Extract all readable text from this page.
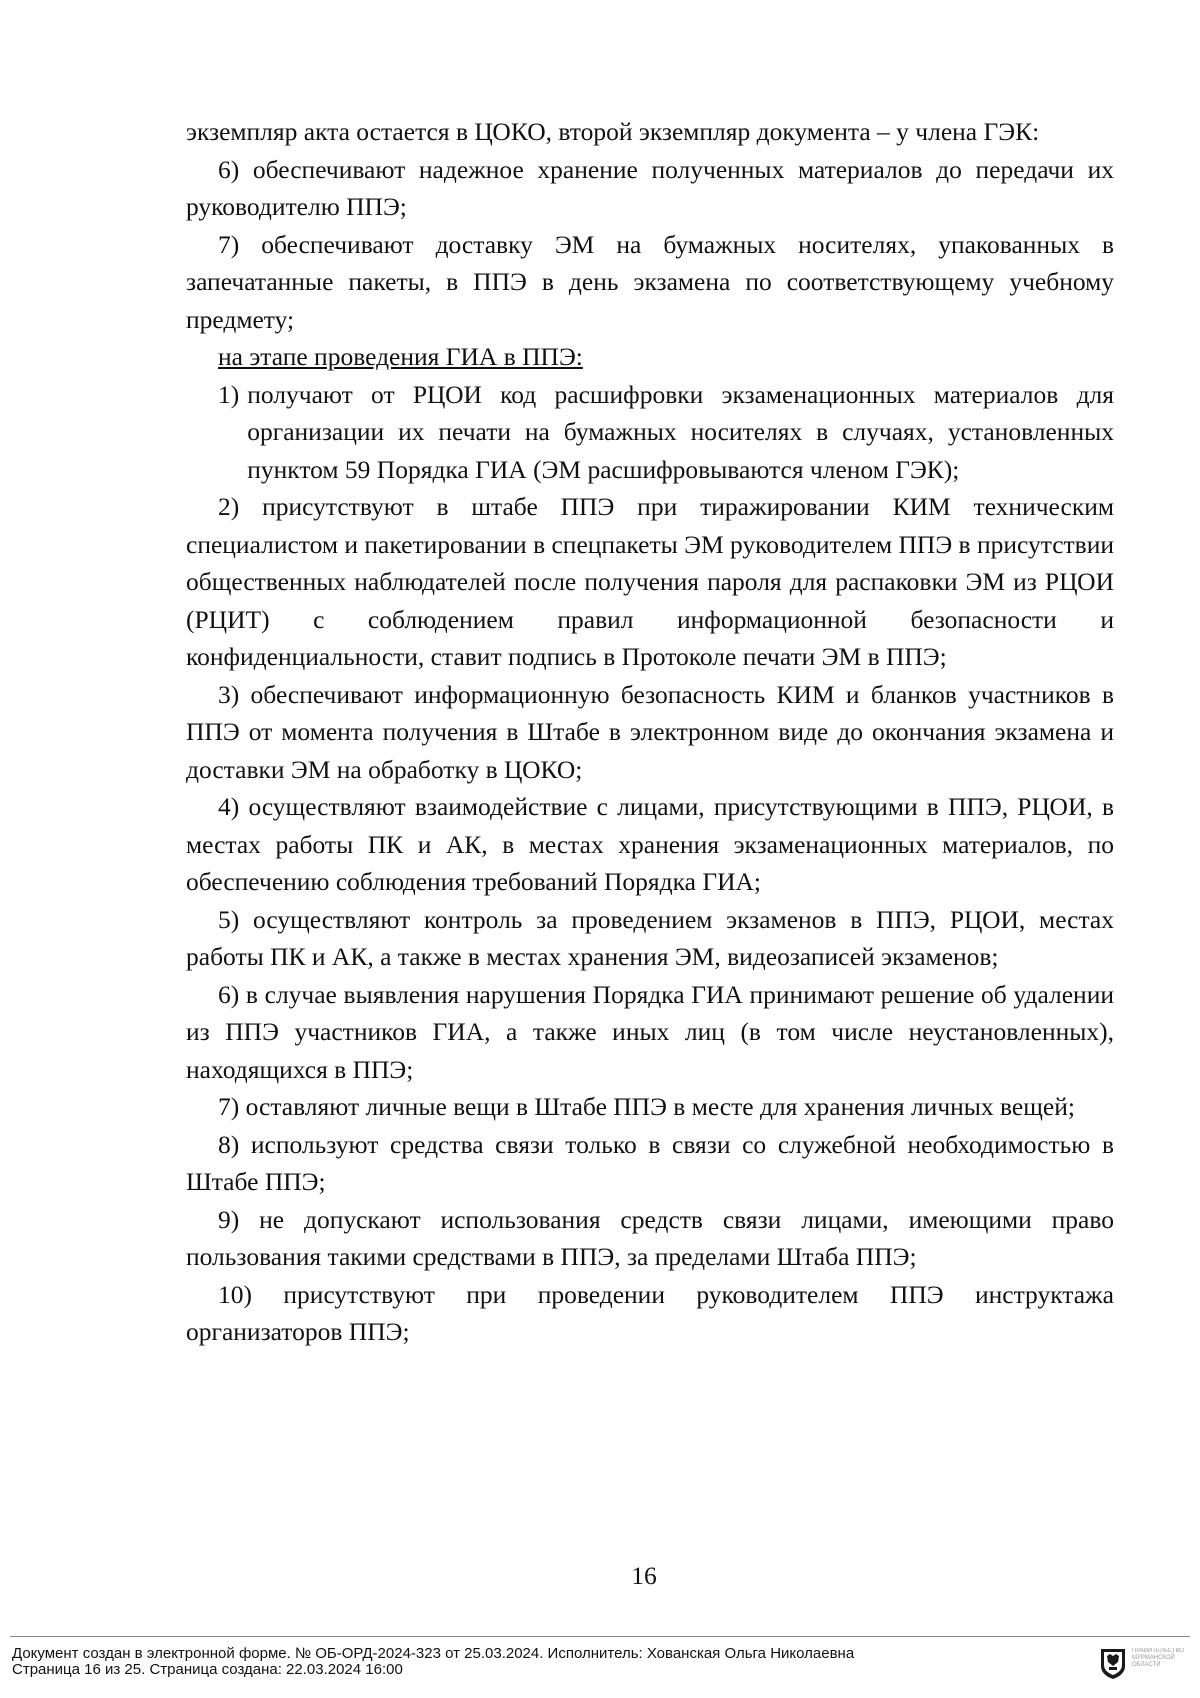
экземпляр акта остается в ЦОКО, второй экземпляр документа – у члена ГЭК:

6) обеспечивают надежное хранение полученных материалов до передачи их руководителю ППЭ;

7) обеспечивают доставку ЭМ на бумажных носителях, упакованных в запечатанные пакеты, в ППЭ в день экзамена по соответствующему учебному предмету;

на этапе проведения ГИА в ППЭ:

1) получают от РЦОИ код расшифровки экзаменационных материалов для организации их печати на бумажных носителях в случаях, установленных пунктом 59 Порядка ГИА (ЭМ расшифровываются членом ГЭК);

2) присутствуют в штабе ППЭ при тиражировании КИМ техническим специалистом и пакетировании в спецпакеты ЭМ руководителем ППЭ в присутствии общественных наблюдателей после получения пароля для распаковки ЭМ из РЦОИ (РЦИТ) с соблюдением правил информационной безопасности и конфиденциальности, ставит подпись в Протоколе печати ЭМ в ППЭ;

3) обеспечивают информационную безопасность КИМ и бланков участников в ППЭ от момента получения в Штабе в электронном виде до окончания экзамена и доставки ЭМ на обработку в ЦОКО;

4) осуществляют взаимодействие с лицами, присутствующими в ППЭ, РЦОИ, в местах работы ПК и АК, в местах хранения экзаменационных материалов, по обеспечению соблюдения требований Порядка ГИА;

5) осуществляют контроль за проведением экзаменов в ППЭ, РЦОИ, местах работы ПК и АК, а также в местах хранения ЭМ, видеозаписей экзаменов;

6) в случае выявления нарушения Порядка ГИА принимают решение об удалении из ППЭ участников ГИА, а также иных лиц (в том числе неустановленных), находящихся в ППЭ;

7) оставляют личные вещи в Штабе ППЭ в месте для хранения личных вещей;

8) используют средства связи только в связи со служебной необходимостью в Штабе ППЭ;

9) не допускают использования средств связи лицами, имеющими право пользования такими средствами в ППЭ, за пределами Штаба ППЭ;

10) присутствуют при проведении руководителем ППЭ инструктажа организаторов ППЭ;

16
Документ создан в электронной форме. № ОБ-ОРД-2024-323 от 25.03.2024. Исполнитель: Хованская Ольга Николаевна
Страница 16 из 25. Страница создана: 22.03.2024 16:00
ПРАВИТЕЛЬСТВО МУРМАНСКОЙ ОБЛАСТИ
